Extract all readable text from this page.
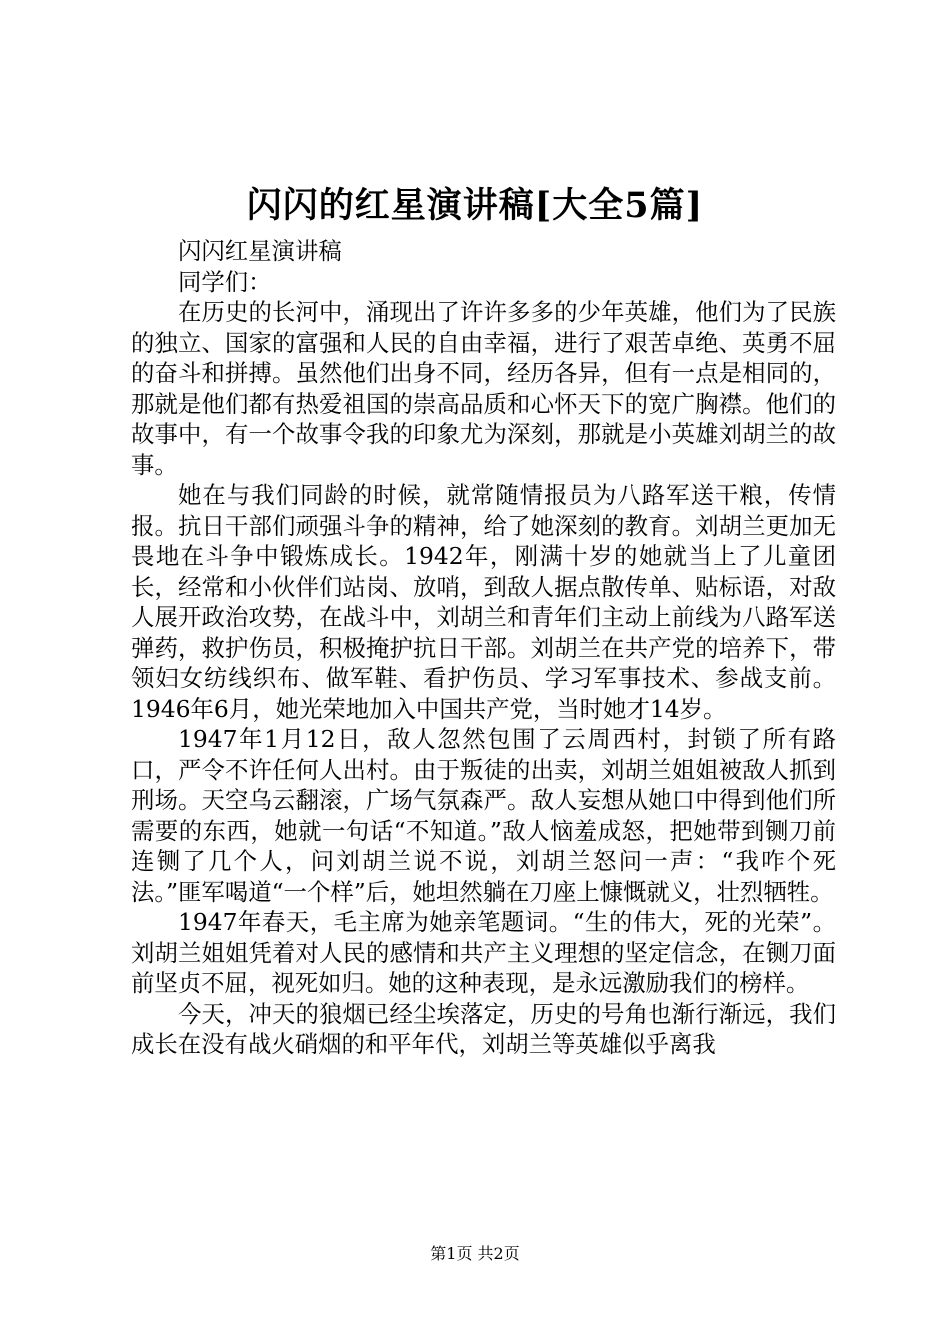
闪闪的红星演讲稿[大全5篇]

闪闪红星演讲稿

同学们：

在历史的长河中，涌现出了许许多多的少年英雄，他们为了民族的独立、国家的富强和人民的自由幸福，进行了艰苦卓绝、英勇不屈的奋斗和拼搏。虽然他们出身不同，经历各异，但有一点是相同的，那就是他们都有热爱祖国的崇高品质和心怀天下的宽广胸襟。他们的故事中，有一个故事令我的印象尤为深刻，那就是小英雄刘胡兰的故事。

她在与我们同龄的时候，就常随情报员为八路军送干粮，传情报。抗日干部们顽强斗争的精神，给了她深刻的教育。刘胡兰更加无畏地在斗争中锻炼成长。1942年，刚满十岁的她就当上了儿童团长，经常和小伙伴们站岗、放哨，到敌人据点散传单、贴标语，对敌人展开政治攻势，在战斗中，刘胡兰和青年们主动上前线为八路军送弹药，救护伤员，积极掩护抗日干部。刘胡兰在共产党的培养下，带领妇女纺线织布、做军鞋、看护伤员、学习军事技术、参战支前。1946年6月，她光荣地加入中国共产党，当时她才14岁。

1947年1月12日，敌人忽然包围了云周西村，封锁了所有路口，严令不许任何人出村。由于叛徒的出卖，刘胡兰姐姐被敌人抓到刑场。天空乌云翻滚，广场气氛森严。敌人妄想从她口中得到他们所需要的东西，她就一句话“不知道。”敌人恼羞成怒，把她带到铡刀前连铡了几个人，问刘胡兰说不说，刘胡兰怒问一声：“我咋个死法。”匪军喝道“一个样”后，她坦然躺在刀座上慷慨就义，壮烈牺牲。

1947年春天，毛主席为她亲笔题词。“生的伟大，死的光荣”。刘胡兰姐姐凭着对人民的感情和共产主义理想的坚定信念，在铡刀面前坚贞不屈，视死如归。她的这种表现，是永远激励我们的榜样。

今天，冲天的狼烟已经尘埃落定，历史的号角也渐行渐远，我们成长在没有战火硝烟的和平年代，刘胡兰等英雄似乎离我

第1页 共2页
